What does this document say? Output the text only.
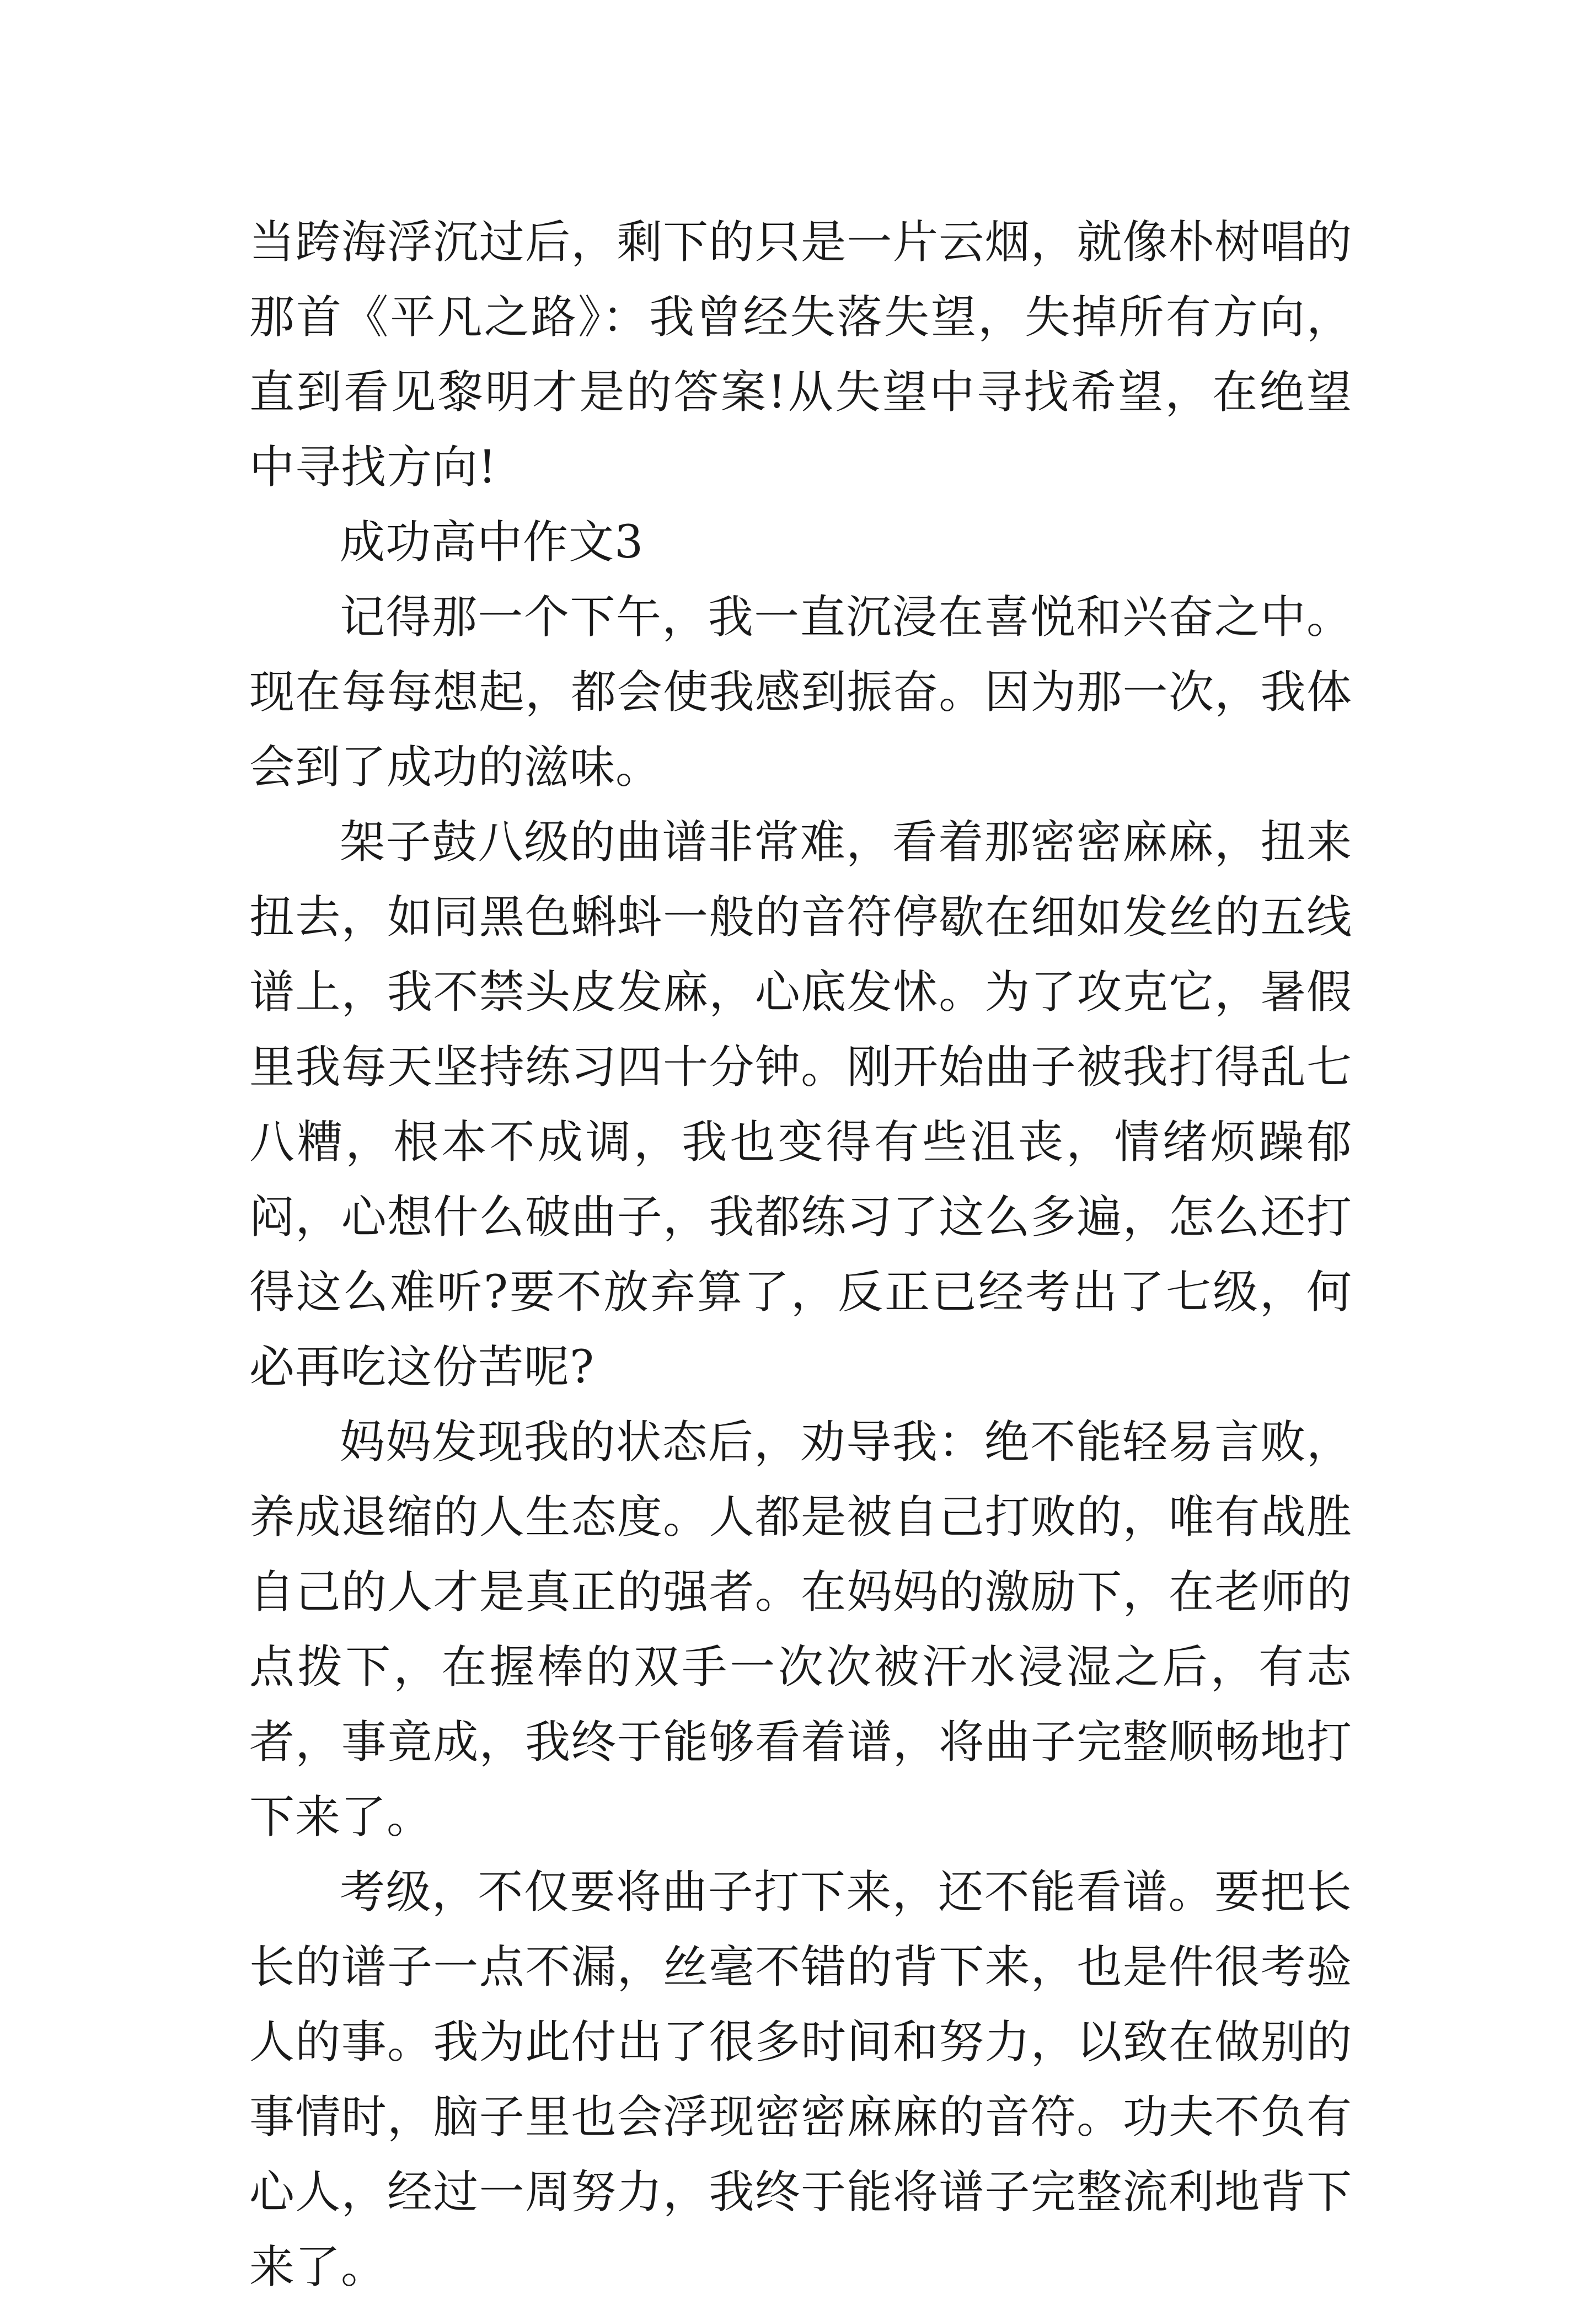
当跨海浮沉过后，剩下的只是一片云烟，就像朴树唱的那首《平凡之路》：我曾经失落失望，失掉所有方向，直到看见黎明才是的答案!从失望中寻找希望，在绝望中寻找方向!

成功高中作文3

记得那一个下午，我一直沉浸在喜悦和兴奋之中。现在每每想起，都会使我感到振奋。因为那一次，我体会到了成功的滋味。

架子鼓八级的曲谱非常难，看着那密密麻麻，扭来扭去，如同黑色蝌蚪一般的音符停歇在细如发丝的五线谱上，我不禁头皮发麻，心底发怵。为了攻克它，暑假里我每天坚持练习四十分钟。刚开始曲子被我打得乱七八糟，根本不成调，我也变得有些沮丧，情绪烦躁郁闷，心想什么破曲子，我都练习了这么多遍，怎么还打得这么难听?要不放弃算了，反正已经考出了七级，何必再吃这份苦呢?

妈妈发现我的状态后，劝导我：绝不能轻易言败，养成退缩的人生态度。人都是被自己打败的，唯有战胜自己的人才是真正的强者。在妈妈的激励下，在老师的点拨下，在握棒的双手一次次被汗水浸湿之后，有志者，事竟成，我终于能够看着谱，将曲子完整顺畅地打下来了。

考级，不仅要将曲子打下来，还不能看谱。要把长长的谱子一点不漏，丝毫不错的背下来，也是件很考验人的事。我为此付出了很多时间和努力，以致在做别的事情时，脑子里也会浮现密密麻麻的音符。功夫不负有心人，经过一周努力，我终于能将谱子完整流利地背下来了。
